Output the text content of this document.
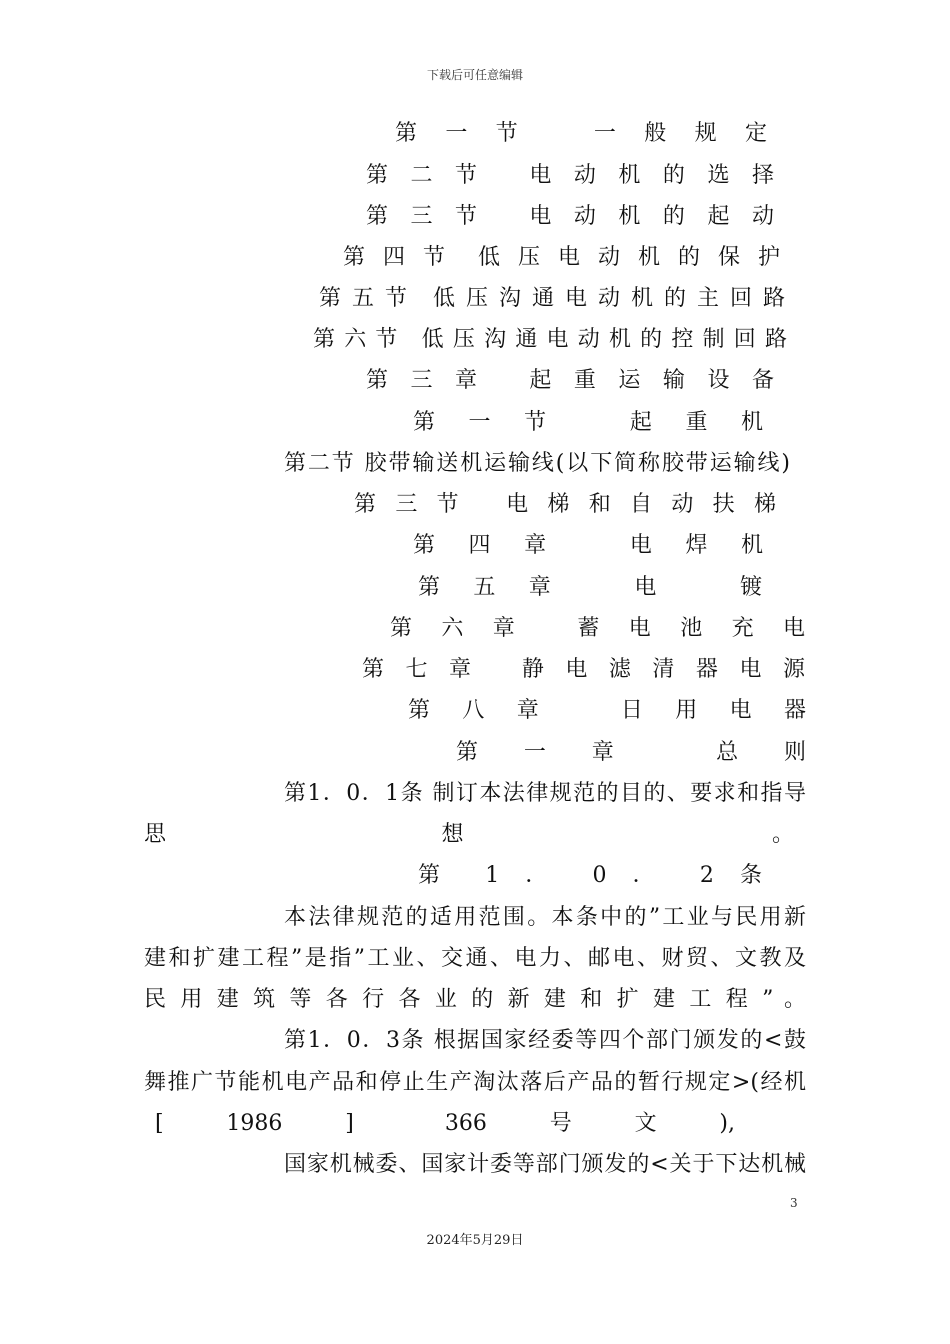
下载后可任意编辑
第 一 节　　一 般 规 定
第 二 节　 电 动 机 的 选 择
第 三 节　 电 动 机 的 起 动
第 四 节　低 压 电 动 机 的 保 护
第 五 节　低 压 沟 通 电 动 机 的 主 回 路
第 六 节　低 压 沟 通 电 动 机 的 控 制 回 路
第 三 章　 起 重 运 输 设 备
第 一 节　　起 重 机
第二节 胶带输送机运输线(以下简称胶带运输线)
第 三 节　 电 梯 和 自 动 扶 梯
第 四 章　　电 焊 机
第 五 章　　电　　镀
第 六 章　 蓄 电 池 充 电
第 七 章　 静 电 滤 清 器 电 源
第 八 章　　日 用 电 器
第 一 章　　总 则
第1．0．1条 制订本法律规范的目的、要求和指导
思　　　　　　　　想　　　　　　　　　。
第 1 ． 0 ． 2 条
本法律规范的适用范围。本条中的”工业与民用新
建和扩建工程”是指”工业、交通、电力、邮电、财贸、文教及
民 用 建 筑 等 各 行 各 业 的 新 建 和 扩 建 工 程 ” 。
第1．0．3条 根据国家经委等四个部门颁发的<鼓
舞推广节能机电产品和停止生产淘汰落后产品的暂行规定>(经机
[　　1986　　]　　　366　　号　　文　　),
国家机械委、国家计委等部门颁发的<关于下达机械
3
2024年5月29日
